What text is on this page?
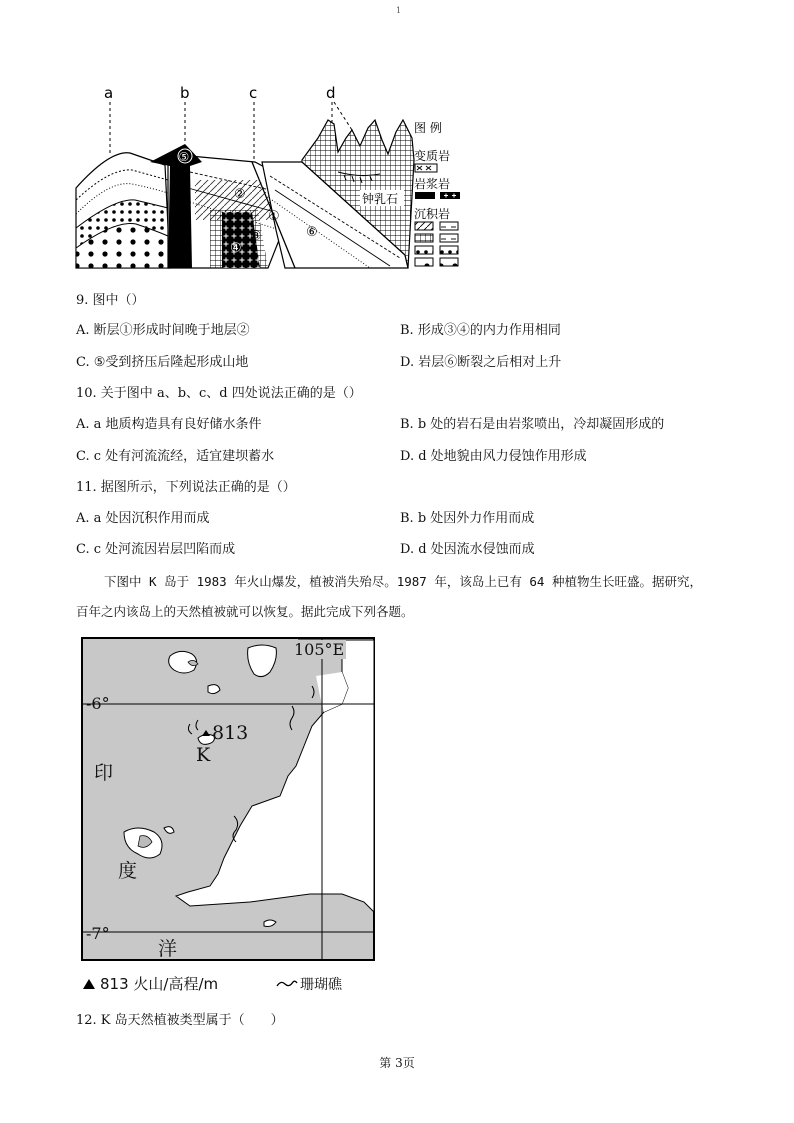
1
a	b	c	d
⑤
②
①
③
④
⑥
钟乳石
图 例
变质岩
岩浆岩
沉积岩
9. 图中（）
A. 断层①形成时间晚于地层②	B. 形成③④的内力作用相同
C. ⑤受到挤压后隆起形成山地	D. 岩层⑥断裂之后相对上升
10. 关于图中 a、b、c、d 四处说法正确的是（）
A. a 地质构造具有良好储水条件	B. b 处的岩石是由岩浆喷出，冷却凝固形成的
C. c 处有河流流经，适宜建坝蓄水	D. d 处地貌由风力侵蚀作用形成
11. 据图所示，下列说法正确的是（）
A. a 处因沉积作用而成	B. b 处因外力作用而成
C. c 处河流因岩层凹陷而成	D. d 处因流水侵蚀而成
下图中 K 岛于 1983 年火山爆发，植被消失殆尽。1987 年，该岛上已有 64 种植物生长旺盛。据研究，
百年之内该岛上的天然植被就可以恢复。据此完成下列各题。
105°E
-6°
-7°
813
K
印
度
洋
813 火山/高程/m	珊瑚礁
12. K 岛天然植被类型属于（　　）
第 3页
